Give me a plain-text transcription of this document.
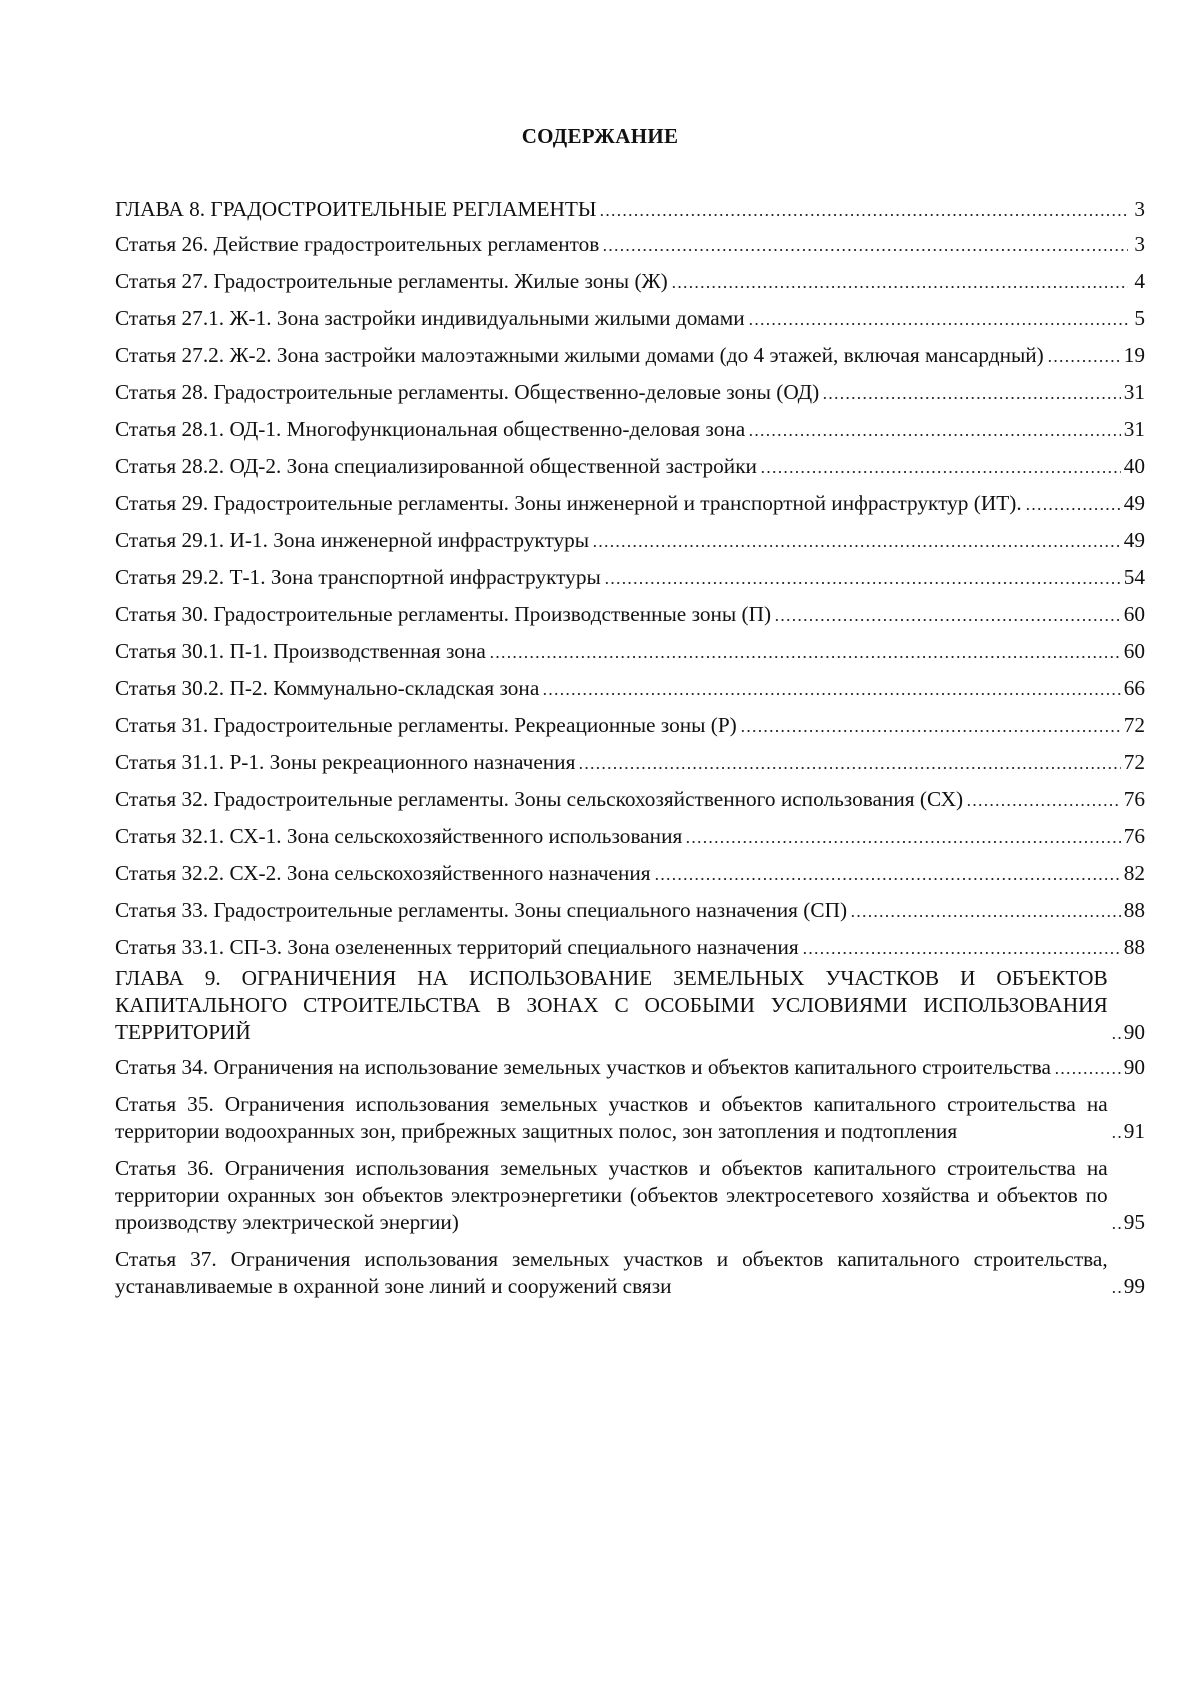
СОДЕРЖАНИЕ
ГЛАВА 8. ГРАДОСТРОИТЕЛЬНЫЕ РЕГЛАМЕНТЫ	3
Статья 26. Действие градостроительных регламентов	3
Статья 27. Градостроительные регламенты. Жилые зоны (Ж)	4
Статья 27.1. Ж-1. Зона застройки индивидуальными жилыми домами	5
Статья 27.2. Ж-2. Зона застройки малоэтажными жилыми домами (до 4 этажей, включая мансардный)	19
Статья 28. Градостроительные регламенты. Общественно-деловые зоны (ОД)	31
Статья 28.1. ОД-1. Многофункциональная общественно-деловая зона	31
Статья 28.2. ОД-2. Зона специализированной общественной застройки	40
Статья 29. Градостроительные регламенты. Зоны инженерной и транспортной инфраструктур (ИТ).	49
Статья 29.1. И-1. Зона инженерной инфраструктуры	49
Статья 29.2. Т-1. Зона транспортной инфраструктуры	54
Статья 30. Градостроительные регламенты. Производственные зоны (П)	60
Статья 30.1. П-1. Производственная зона	60
Статья 30.2. П-2. Коммунально-складская зона	66
Статья 31. Градостроительные регламенты. Рекреационные зоны (Р)	72
Статья 31.1. Р-1. Зоны рекреационного назначения	72
Статья 32. Градостроительные регламенты. Зоны сельскохозяйственного использования (СХ)	76
Статья 32.1. СХ-1. Зона сельскохозяйственного использования	76
Статья 32.2. СХ-2. Зона сельскохозяйственного назначения	82
Статья 33. Градостроительные регламенты. Зоны специального назначения (СП)	88
Статья 33.1. СП-3. Зона озелененных территорий специального назначения	88
ГЛАВА 9. ОГРАНИЧЕНИЯ НА ИСПОЛЬЗОВАНИЕ ЗЕМЕЛЬНЫХ УЧАСТКОВ И ОБЪЕКТОВ КАПИТАЛЬНОГО СТРОИТЕЛЬСТВА В ЗОНАХ С ОСОБЫМИ УСЛОВИЯМИ ИСПОЛЬЗОВАНИЯ ТЕРРИТОРИЙ	90
Статья 34. Ограничения на использование земельных участков и объектов капитального строительства	90
Статья 35. Ограничения использования земельных участков и объектов капитального строительства на территории водоохранных зон, прибрежных защитных полос, зон затопления и подтопления	91
Статья 36. Ограничения использования земельных участков и объектов капитального строительства на территории охранных зон объектов электроэнергетики (объектов электросетевого хозяйства и объектов по производству электрической энергии)	95
Статья 37. Ограничения использования земельных участков и объектов капитального строительства, устанавливаемые в охранной зоне линий и сооружений связи	99
